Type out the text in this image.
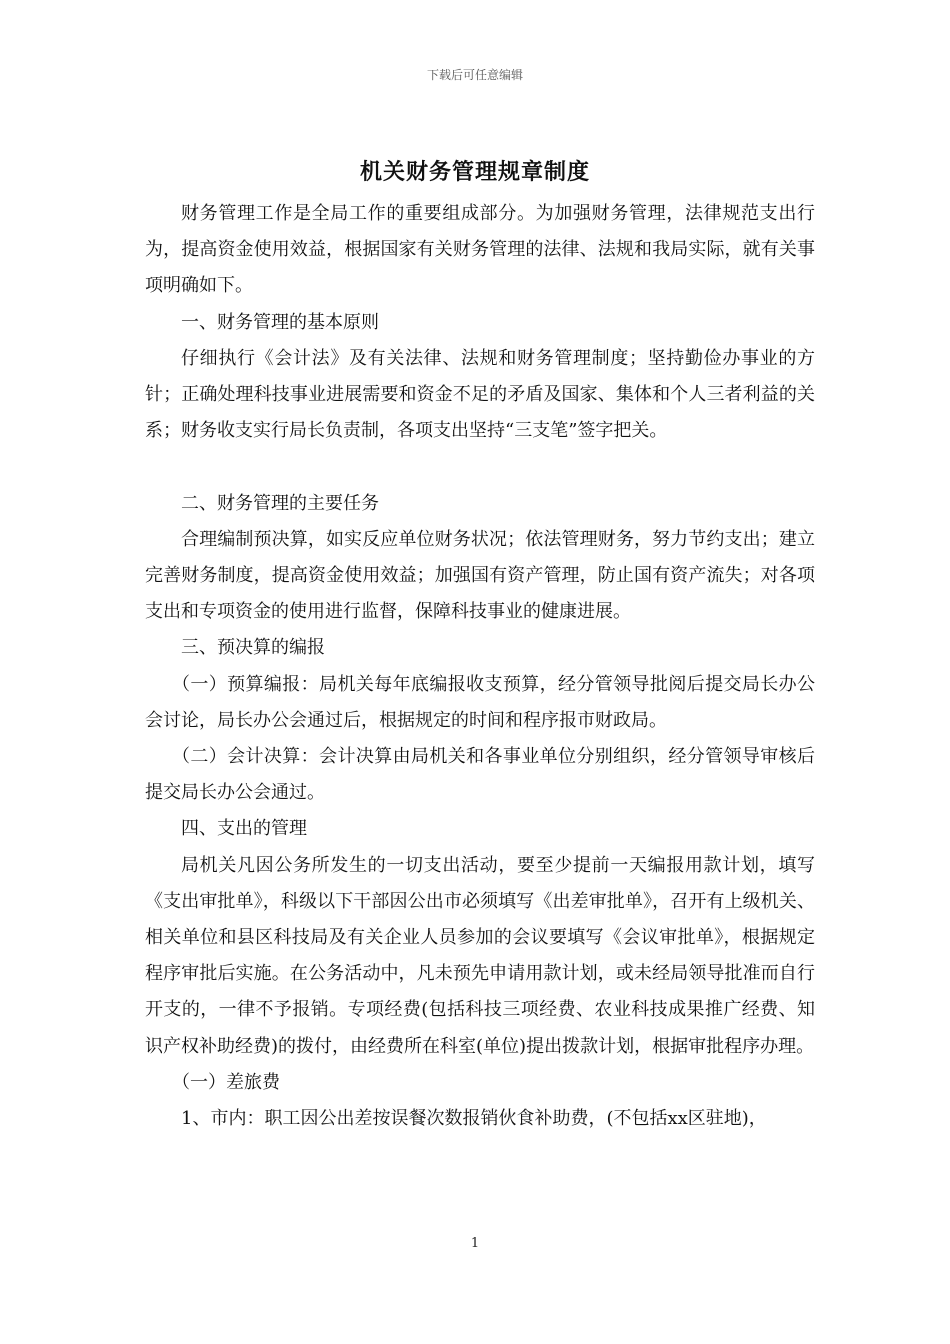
下载后可任意编辑
机关财务管理规章制度

财务管理工作是全局工作的重要组成部分。为加强财务管理，法律规范支出行为，提高资金使用效益，根据国家有关财务管理的法律、法规和我局实际，就有关事项明确如下。

一、财务管理的基本原则

仔细执行《会计法》及有关法律、法规和财务管理制度；坚持勤俭办事业的方针；正确处理科技事业进展需要和资金不足的矛盾及国家、集体和个人三者利益的关系；财务收支实行局长负责制，各项支出坚持“三支笔”签字把关。

二、财务管理的主要任务

合理编制预决算，如实反应单位财务状况；依法管理财务，努力节约支出；建立完善财务制度，提高资金使用效益；加强国有资产管理，防止国有资产流失；对各项支出和专项资金的使用进行监督，保障科技事业的健康进展。

三、预决算的编报

（一）预算编报：局机关每年底编报收支预算，经分管领导批阅后提交局长办公会讨论，局长办公会通过后，根据规定的时间和程序报市财政局。

（二）会计决算：会计决算由局机关和各事业单位分别组织，经分管领导审核后提交局长办公会通过。

四、支出的管理

局机关凡因公务所发生的一切支出活动，要至少提前一天编报用款计划，填写《支出审批单》，科级以下干部因公出市必须填写《出差审批单》，召开有上级机关、相关单位和县区科技局及有关企业人员参加的会议要填写《会议审批单》，根据规定程序审批后实施。在公务活动中，凡未预先申请用款计划，或未经局领导批准而自行开支的，一律不予报销。专项经费(包括科技三项经费、农业科技成果推广经费、知识产权补助经费)的拨付，由经费所在科室(单位)提出拨款计划，根据审批程序办理。

（一）差旅费

1、市内：职工因公出差按误餐次数报销伙食补助费，(不包括xx区驻地)，

1
